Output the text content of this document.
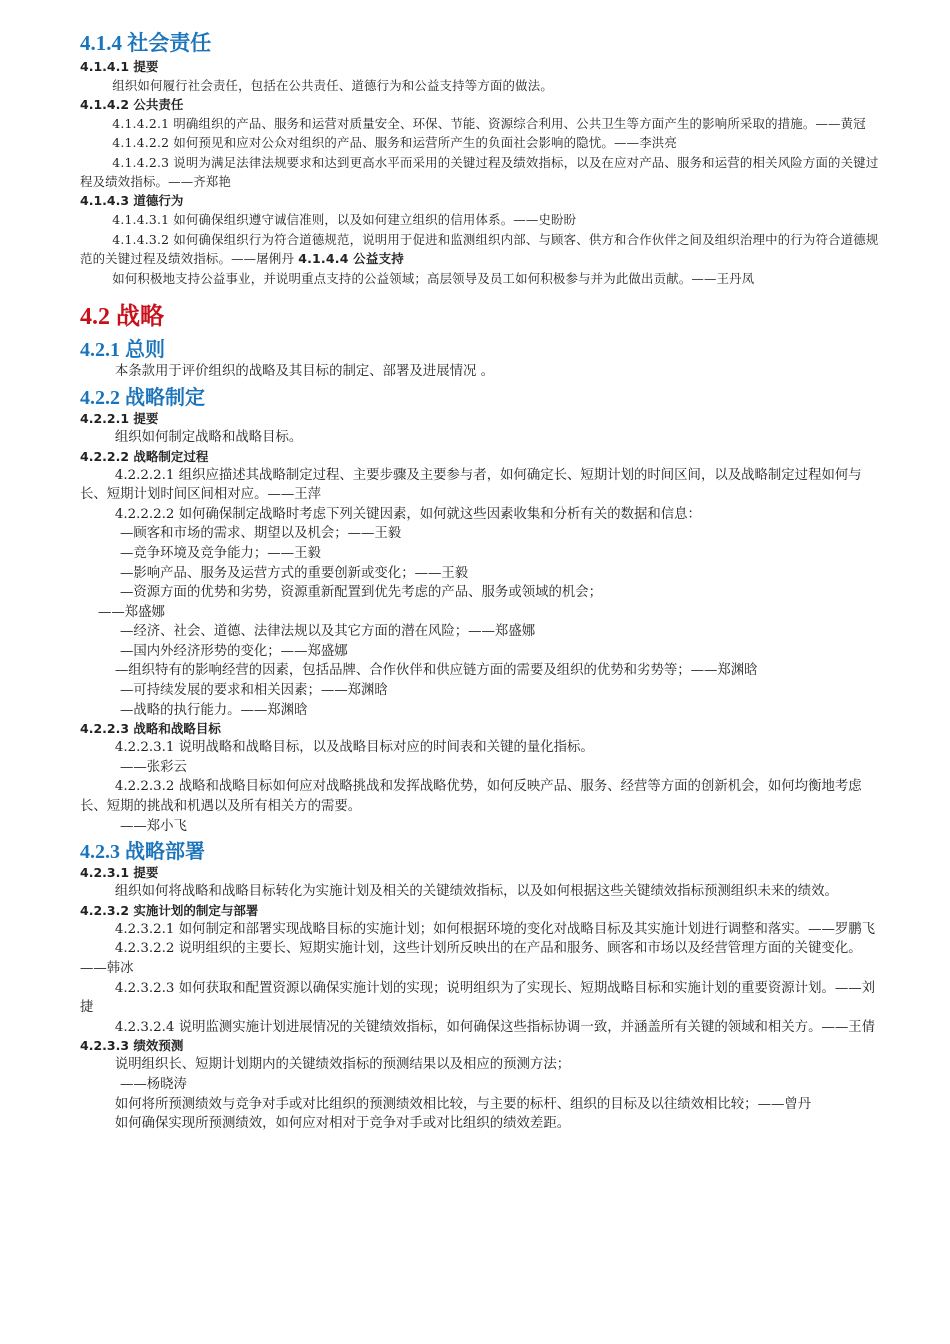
4.1.4 社会责任
4.1.4.1 提要

组织如何履行社会责任，包括在公共责任、道德行为和公益支持等方面的做法。

4.1.4.2 公共责任

4.1.4.2.1 明确组织的产品、服务和运营对质量安全、环保、节能、资源综合利用、公共卫生等方面产生的影响所采取的措施。——黄冠

4.1.4.2.2 如何预见和应对公众对组织的产品、服务和运营所产生的负面社会影响的隐忧。——李洪亮

4.1.4.2.3 说明为满足法律法规要求和达到更高水平而采用的关键过程及绩效指标，以及在应对产品、服务和运营的相关风险方面的关键过程及绩效指标。——齐郑艳

4.1.4.3 道德行为

4.1.4.3.1 如何确保组织遵守诚信准则，以及如何建立组织的信用体系。——史盼盼

4.1.4.3.2 如何确保组织行为符合道德规范，说明用于促进和监测组织内部、与顾客、供方和合作伙伴之间及组织治理中的行为符合道德规范的关键过程及绩效指标。——屠俐丹 4.1.4.4 公益支持

如何积极地支持公益事业，并说明重点支持的公益领域；高层领导及员工如何积极参与并为此做出贡献。——王丹凤

4.2 战略
4.2.1 总则

本条款用于评价组织的战略及其目标的制定、部署及进展情况 。

4.2.2 战略制定
4.2.2.1 提要

组织如何制定战略和战略目标。

4.2.2.2 战略制定过程

4.2.2.2.1 组织应描述其战略制定过程、主要步骤及主要参与者，如何确定长、短期计划的时间区间，以及战略制定过程如何与长、短期计划时间区间相对应。——王萍

4.2.2.2.2 如何确保制定战略时考虑下列关键因素，如何就这些因素收集和分析有关的数据和信息：

—顾客和市场的需求、期望以及机会；——王毅

—竞争环境及竞争能力；——王毅

—影响产品、服务及运营方式的重要创新或变化；——王毅

—资源方面的优势和劣势，资源重新配置到优先考虑的产品、服务或领域的机会；

——郑盛娜

—经济、社会、道德、法律法规以及其它方面的潜在风险；——郑盛娜

—国内外经济形势的变化；——郑盛娜

—组织特有的影响经营的因素，包括品牌、合作伙伴和供应链方面的需要及组织的优势和劣势等；——郑渊晗

—可持续发展的要求和相关因素；——郑渊晗

—战略的执行能力。——郑渊晗

4.2.2.3 战略和战略目标

4.2.2.3.1 说明战略和战略目标，以及战略目标对应的时间表和关键的量化指标。

——张彩云

4.2.2.3.2 战略和战略目标如何应对战略挑战和发挥战略优势，如何反映产品、服务、经营等方面的创新机会，如何均衡地考虑长、短期的挑战和机遇以及所有相关方的需要。

——郑小飞

4.2.3 战略部署
4.2.3.1 提要

组织如何将战略和战略目标转化为实施计划及相关的关键绩效指标，以及如何根据这些关键绩效指标预测组织未来的绩效。

4.2.3.2 实施计划的制定与部署

4.2.3.2.1 如何制定和部署实现战略目标的实施计划；如何根据环境的变化对战略目标及其实施计划进行调整和落实。——罗鹏飞

4.2.3.2.2 说明组织的主要长、短期实施计划，这些计划所反映出的在产品和服务、顾客和市场以及经营管理方面的关键变化。——韩冰

4.2.3.2.3 如何获取和配置资源以确保实施计划的实现；说明组织为了实现长、短期战略目标和实施计划的重要资源计划。——刘捷

4.2.3.2.4 说明监测实施计划进展情况的关键绩效指标，如何确保这些指标协调一致，并涵盖所有关键的领域和相关方。——王倩

4.2.3.3 绩效预测

说明组织长、短期计划期内的关键绩效指标的预测结果以及相应的预测方法；

——杨晓涛

如何将所预测绩效与竞争对手或对比组织的预测绩效相比较，与主要的标杆、组织的目标及以往绩效相比较；——曾丹

如何确保实现所预测绩效，如何应对相对于竞争对手或对比组织的绩效差距。
